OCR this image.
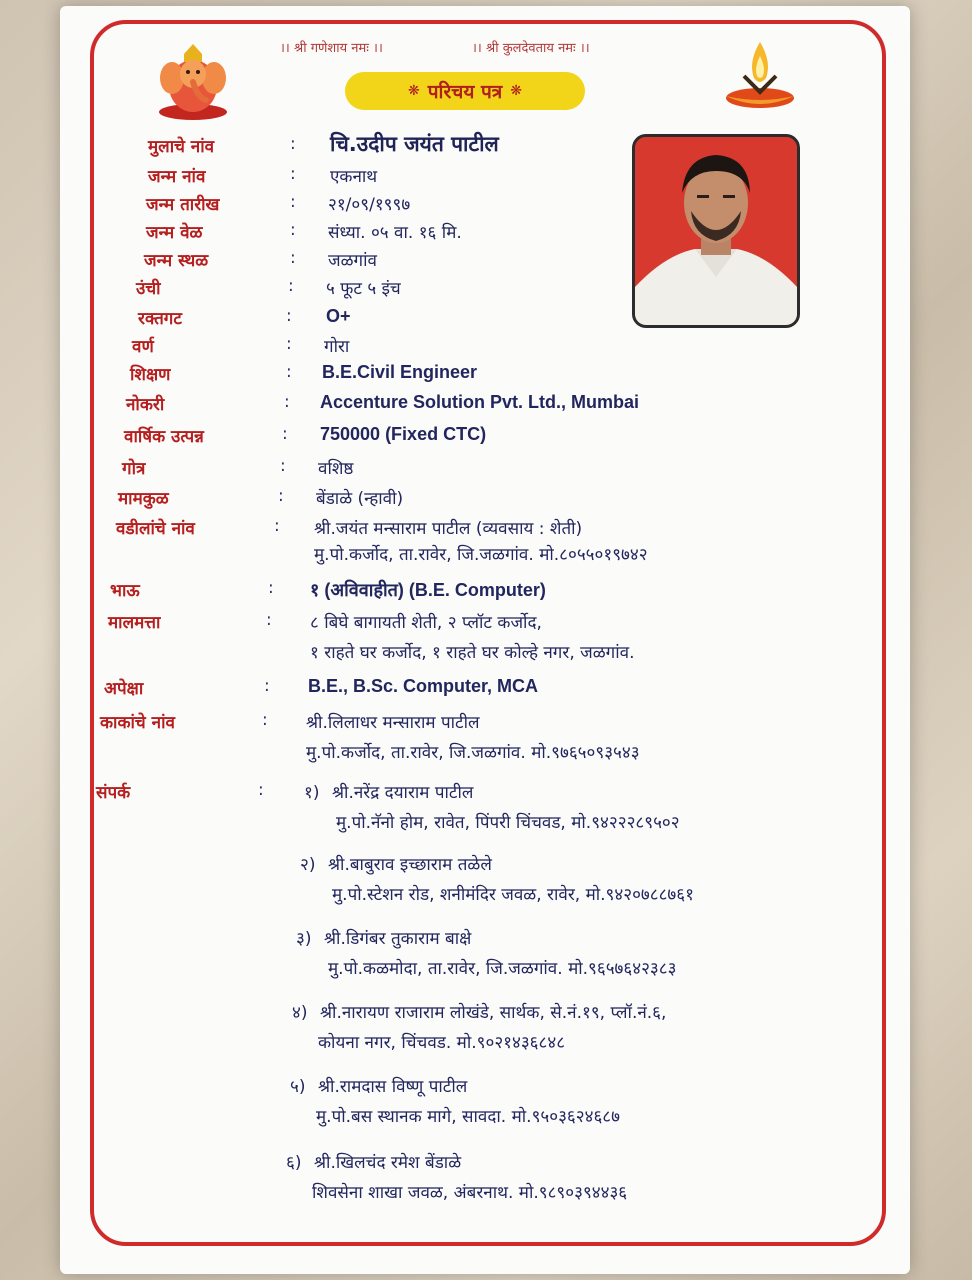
।। श्री गणेशाय नमः ।।	।। श्री कुलदेवताय नमः ।।
❋ परिचय पत्र ❋
मुलाचे नांव	: चि.उदीप जयंत पाटील
जन्म नांव	: एकनाथ
जन्म तारीख	: २१/०९/१९९७
जन्म वेळ	: संध्या. ०५ वा. १६ मि.
जन्म स्थळ	: जळगांव
उंची	: ५ फूट ५ इंच
रक्तगट	: O+
वर्ण	: गोरा
शिक्षण	: B.E.Civil Engineer
नोकरी	: Accenture Solution Pvt. Ltd., Mumbai
वार्षिक उत्पन्न	: 750000 (Fixed CTC)
गोत्र	: वशिष्ठ
मामकुळ	: बेंडाळे (न्हावी)
वडीलांचे नांव	: श्री.जयंत मन्साराम पाटील (व्यवसाय : शेती)
मु.पो.कर्जोद, ता.रावेर, जि.जळगांव. मो.८०५५०१९७४२
भाऊ	: १ (अविवाहीत) (B.E. Computer)
मालमत्ता	: ८ बिघे बागायती शेती, २ प्लॉट कर्जोद,
१ राहते घर कर्जोद, १ राहते घर कोल्हे नगर, जळगांव.
अपेक्षा	: B.E., B.Sc. Computer, MCA
काकांचे नांव	: श्री.लिलाधर मन्साराम पाटील
मु.पो.कर्जोद, ता.रावेर, जि.जळगांव. मो.९७६५०९३५४३
संपर्क	: १) श्री.नरेंद्र दयाराम पाटील
मु.पो.नॅनो होम, रावेत, पिंपरी चिंचवड, मो.९४२२२८९५०२
२) श्री.बाबुराव इच्छाराम तळेले
मु.पो.स्टेशन रोड, शनीमंदिर जवळ, रावेर, मो.९४२०७८८७६१
३) श्री.डिगंबर तुकाराम बाक्षे
मु.पो.कळमोदा, ता.रावेर, जि.जळगांव. मो.९६५७६४२३८३
४) श्री.नारायण राजाराम लोखंडे, सार्थक, से.नं.१९, प्लॉ.नं.६,
कोयना नगर, चिंचवड. मो.९०२१४३६८४८
५) श्री.रामदास विष्णू पाटील
मु.पो.बस स्थानक मागे, सावदा. मो.९५०३६२४६८७
६) श्री.खिलचंद रमेश बेंडाळे
शिवसेना शाखा जवळ, अंबरनाथ. मो.९८९०३९४४३६
